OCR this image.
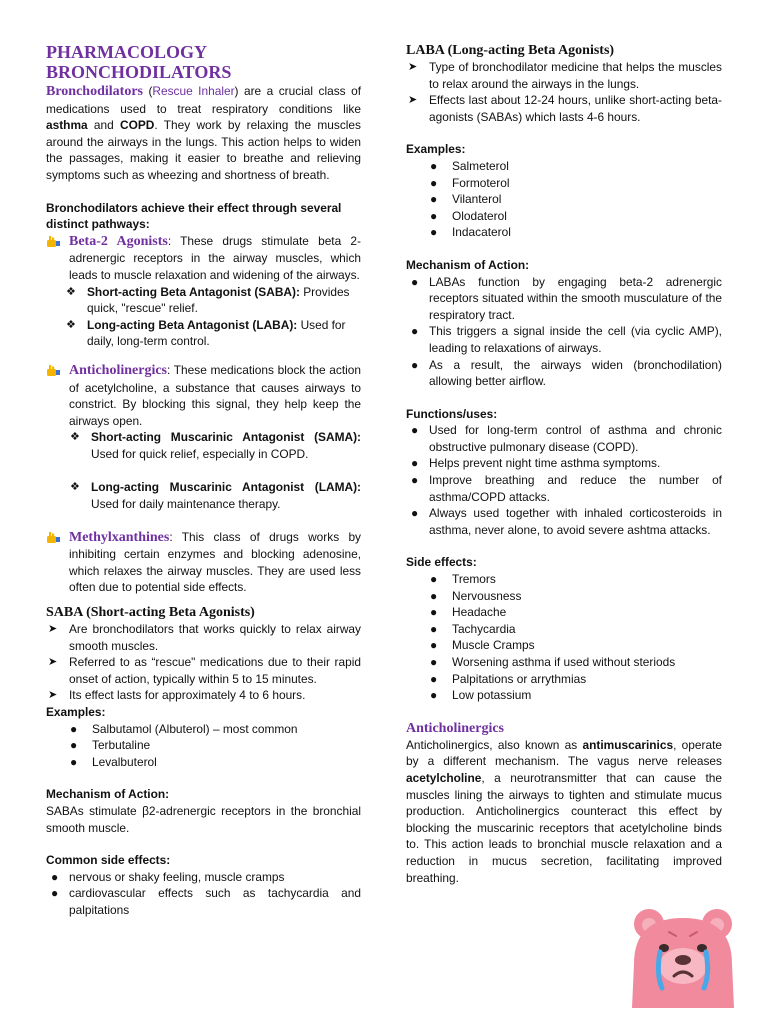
PHARMACOLOGY
BRONCHODILATORS

Bronchodilators (Rescue Inhaler) are a crucial class of medications used to treat respiratory conditions like asthma and COPD. They work by relaxing the muscles around the airways in the lungs. This action helps to widen the passages, making it easier to breathe and relieving symptoms such as wheezing and shortness of breath.

Bronchodilators achieve their effect through several distinct pathways:

Beta-2 Agonists: These drugs stimulate beta 2-adrenergic receptors in the airway muscles, which leads to muscle relaxation and widening of the airways.
❖ Short-acting Beta Antagonist (SABA): Provides quick, "rescue" relief.
❖ Long-acting Beta Antagonist (LABA): Used for daily, long-term control.
Anticholinergics: These medications block the action of acetylcholine, a substance that causes airways to constrict. By blocking this signal, they help keep the airways open.
❖ Short-acting Muscarinic Antagonist (SAMA): Used for quick relief, especially in COPD.
❖ Long-acting Muscarinic Antagonist (LAMA): Used for daily maintenance therapy.
Methylxanthines: This class of drugs works by inhibiting certain enzymes and blocking adenosine, which relaxes the airway muscles. They are used less often due to potential side effects.
SABA (Short-acting Beta Agonists)
➤ Are bronchodilators that works quickly to relax airway smooth muscles.
➤ Referred to as “rescue" medications due to their rapid onset of action, typically within 5 to 15 minutes.
➤ Its effect lasts for approximately 4 to 6 hours.

Examples:

● Salbutamol (Albuterol) – most common
● Terbutaline
● Levalbuterol

Mechanism of Action:

SABAs stimulate β2-adrenergic receptors in the bronchial smooth muscle.

Common side effects:

● nervous or shaky feeling, muscle cramps
● cardiovascular effects such as tachycardia and palpitations
LABA (Long-acting Beta Agonists)
➤ Type of bronchodilator medicine that helps the muscles to relax around the airways in the lungs.
➤ Effects last about 12-24 hours, unlike short-acting beta-agonists (SABAs) which lasts 4-6 hours.

Examples:

● Salmeterol
● Formoterol
● Vilanterol
● Olodaterol
● Indacaterol

Mechanism of Action:

● LABAs function by engaging beta-2 adrenergic receptors situated within the smooth musculature of the respiratory tract.
● This triggers a signal inside the cell (via cyclic AMP), leading to relaxations of airways.
● As a result, the airways widen (bronchodilation) allowing better airflow.

Functions/uses:

● Used for long-term control of asthma and chronic obstructive pulmonary disease (COPD).
● Helps prevent night time asthma symptoms.
● Improve breathing and reduce the number of asthma/COPD attacks.
● Always used together with inhaled corticosteroids in asthma, never alone, to avoid severe ashtma attacks.

Side effects:

● Tremors
● Nervousness
● Headache
● Tachycardia
● Muscle Cramps
● Worsening asthma if used without steriods
● Palpitations or arrythmias
● Low potassium
Anticholinergics

Anticholinergics, also known as antimuscarinics, operate by a different mechanism. The vagus nerve releases acetylcholine, a neurotransmitter that can cause the muscles lining the airways to tighten and stimulate mucus production. Anticholinergics counteract this effect by blocking the muscarinic receptors that acetylcholine binds to. This action leads to bronchial muscle relaxation and a reduction in mucus secretion, facilitating improved breathing.
